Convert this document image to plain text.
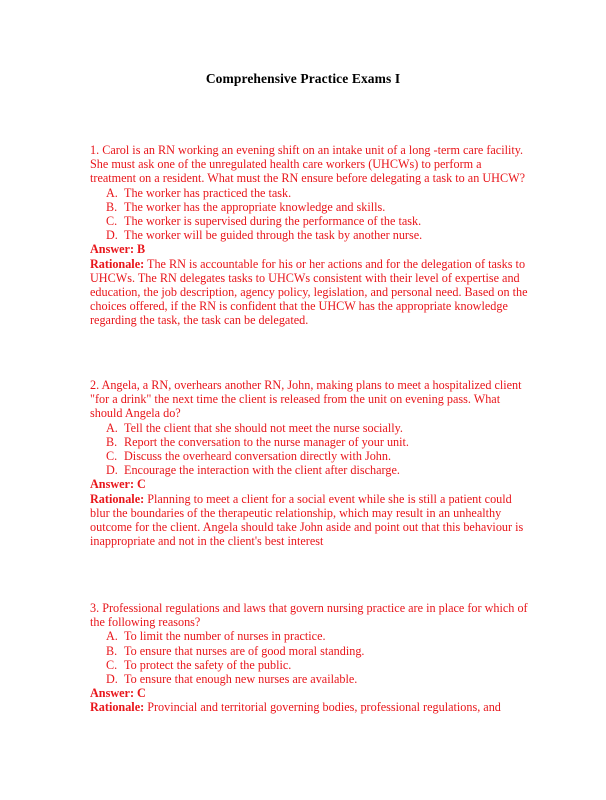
Comprehensive Practice Exams I

1. Carol is an RN working an evening shift on an intake unit of a long -term care facility. She must ask one of the unregulated health care workers (UHCWs) to perform a treatment on a resident. What must the RN ensure before delegating a task to an UHCW?

A. The worker has practiced the task.
B. The worker has the appropriate knowledge and skills.
C. The worker is supervised during the performance of the task.
D. The worker will be guided through the task by another nurse.

Answer: B

Rationale: The RN is accountable for his or her actions and for the delegation of tasks to UHCWs. The RN delegates tasks to UHCWs consistent with their level of expertise and education, the job description, agency policy, legislation, and personal need. Based on the choices offered, if the RN is confident that the UHCW has the appropriate knowledge regarding the task, the task can be delegated.

2. Angela, a RN, overhears another RN, John, making plans to meet a hospitalized client "for a drink" the next time the client is released from the unit on evening pass. What should Angela do?

A. Tell the client that she should not meet the nurse socially.
B. Report the conversation to the nurse manager of your unit.
C. Discuss the overheard conversation directly with John.
D. Encourage the interaction with the client after discharge.

Answer: C

Rationale: Planning to meet a client for a social event while she is still a patient could blur the boundaries of the therapeutic relationship, which may result in an unhealthy outcome for the client. Angela should take John aside and point out that this behaviour is inappropriate and not in the client's best interest

3. Professional regulations and laws that govern nursing practice are in place for which of the following reasons?

A. To limit the number of nurses in practice.
B. To ensure that nurses are of good moral standing.
C. To protect the safety of the public.
D. To ensure that enough new nurses are available.

Answer: C

Rationale: Provincial and territorial governing bodies, professional regulations, and
